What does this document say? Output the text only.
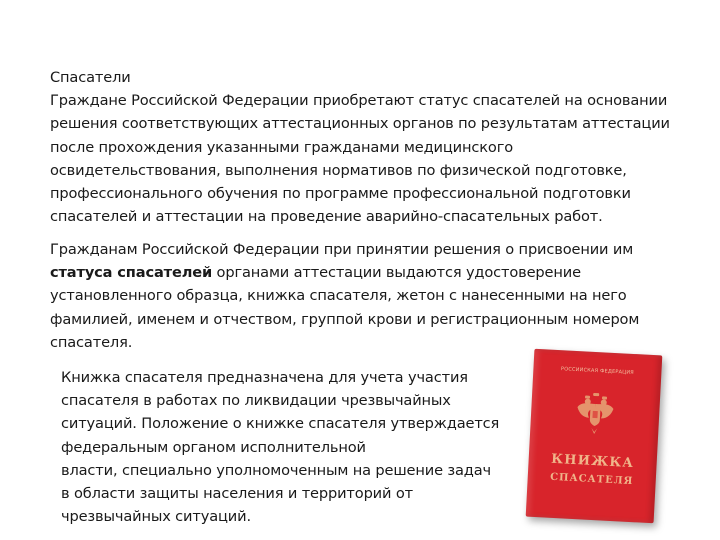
Спасатели
Граждане Российской Федерации приобретают статус спасателей на основании
решения соответствующих аттестационных органов по результатам аттестации
после прохождения указанными гражданами медицинского
освидетельствования, выполнения нормативов по физической подготовке,
профессионального обучения по программе профессиональной подготовки
спасателей и аттестации на проведение аварийно-спасательных работ.
Гражданам Российской Федерации при принятии решения о присвоении им
статуса спасателей органами аттестации выдаются удостоверение
установленного образца, книжка спасателя, жетон с нанесенными на него
фамилией, именем и отчеством, группой крови и регистрационным номером
спасателя.
Книжка спасателя предназначена для учета участия
спасателя в работах по ликвидации чрезвычайных
ситуаций. Положение о книжке спасателя утверждается
федеральным органом исполнительной
власти, специально уполномоченным на решение задач
в области защиты населения и территорий от
чрезвычайных ситуаций.
РОССИЙСКАЯ ФЕДЕРАЦИЯ
КНИЖКА
СПАСАТЕЛЯ
